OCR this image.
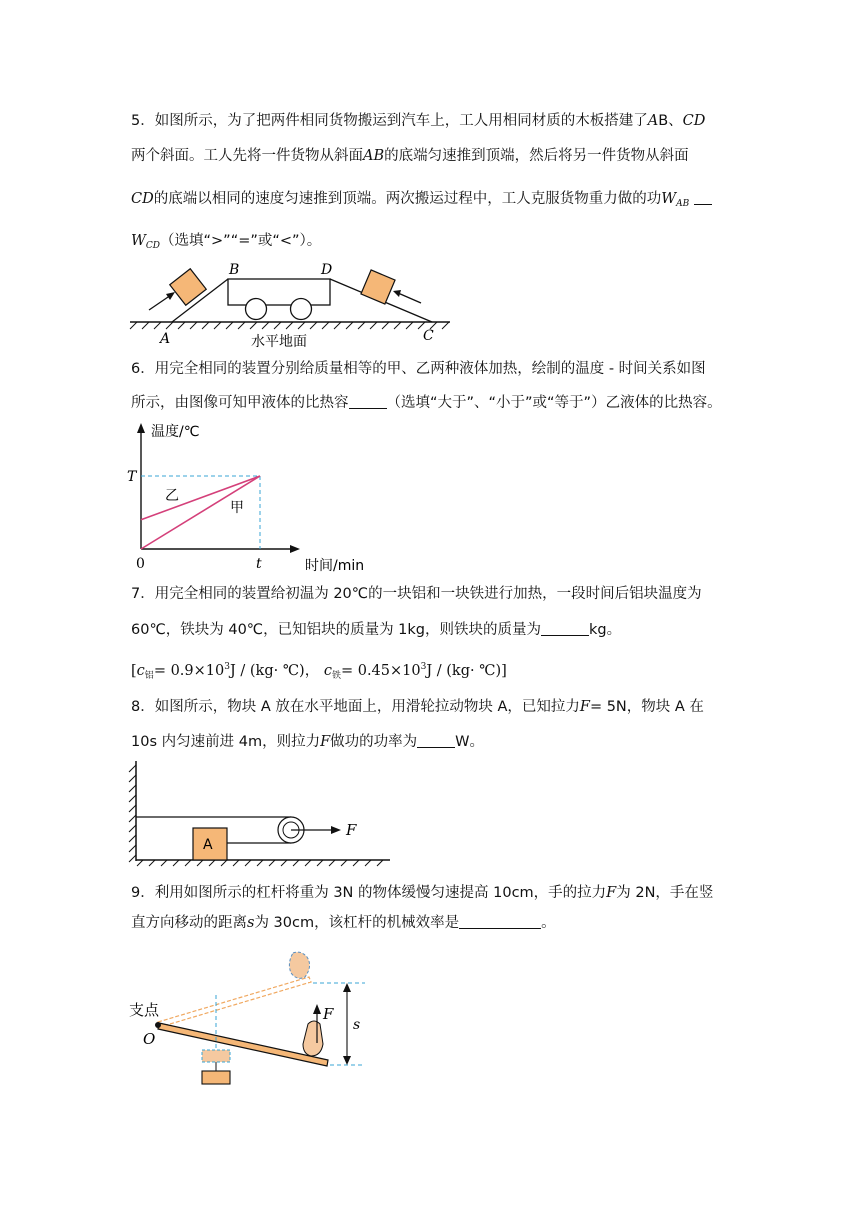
5．如图所示，为了把两件相同货物搬运到汽车上，工人用相同材质的木板搭建了AB、CD
两个斜面。工人先将一件货物从斜面AB的底端匀速推到顶端，然后将另一件货物从斜面
CD的底端以相同的速度匀速推到顶端。两次搬运过程中，工人克服货物重力做的功$W_{AB}$
$W_{CD}$（选填“>”“=”或“<”）。
B	D
A	C
水平地面
6．用完全相同的装置分别给质量相等的甲、乙两种液体加热，绘制的温度 - 时间关系如图
所示，由图像可知甲液体的比热容	（选填“大于”、“小于”或“等于”）乙液体的比热容。
温度/℃
时间/min
0	t
T
乙
甲
7．用完全相同的装置给初温为 20℃的一块铝和一块铁进行加热，一段时间后铝块温度为
60℃，铁块为 40℃，已知铝块的质量为 1kg，则铁块的质量为	kg。
[$c_铝= 0.9\times 10^3J / (kg\cdot$ ℃)， $c_铁= 0.45\times 10^3J / (kg\cdot$ ℃)]
8．如图所示，物块 A 放在水平地面上，用滑轮拉动物块 A，已知拉力F= 5N，物块 A 在
10s 内匀速前进 4m，则拉力F做功的功率为	W。
A
F
9．利用如图所示的杠杆将重为 3N 的物体缓慢匀速提高 10cm，手的拉力F为 2N，手在竖
直方向移动的距离s为 30cm，该杠杆的机械效率是	。
支点
O
F
s
